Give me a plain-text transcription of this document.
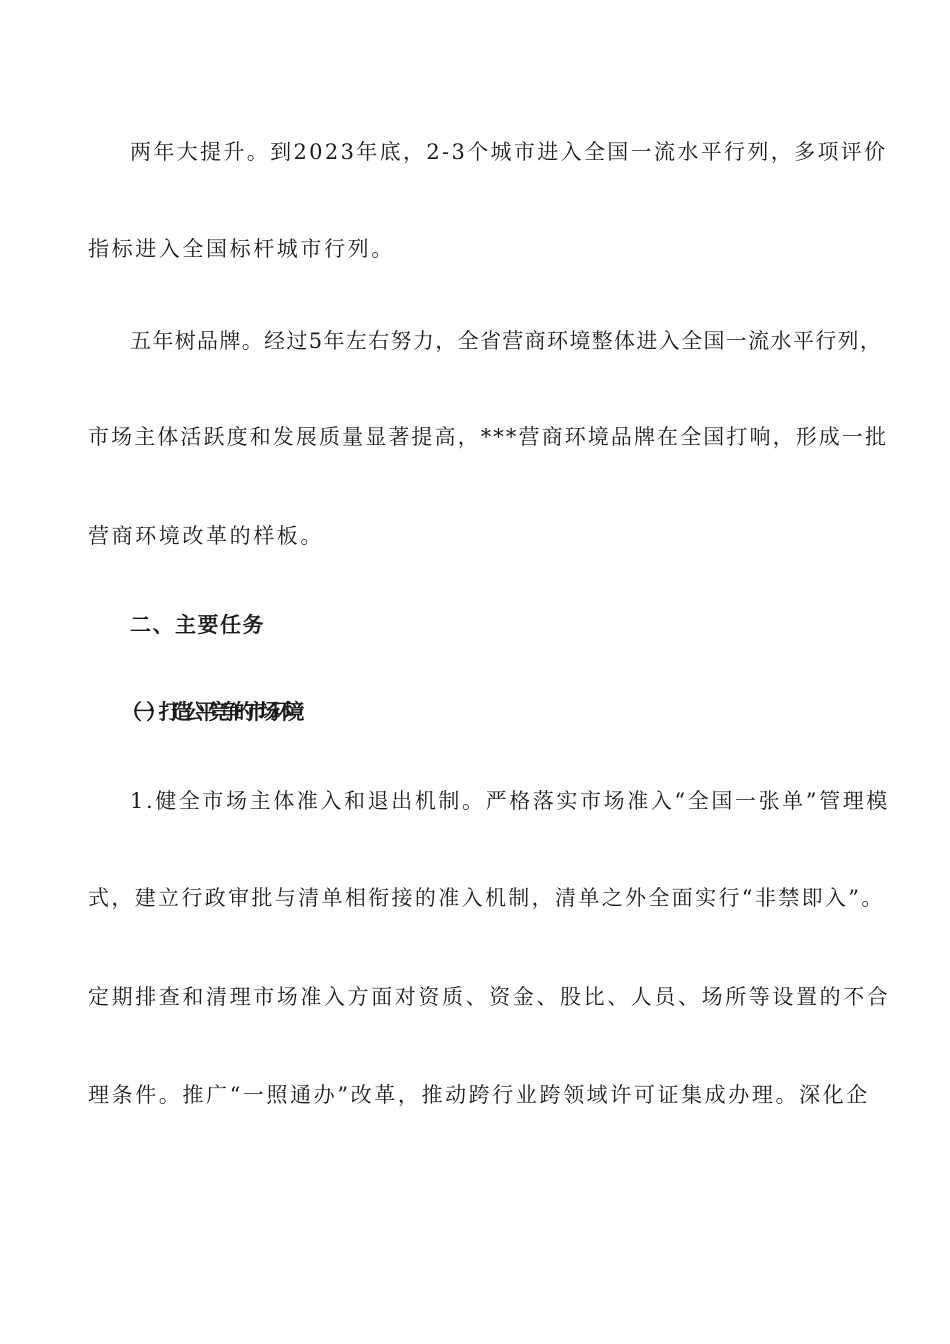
两年大提升。到2023年底，2-3个城市进入全国一流水平行列，多项评价
指标进入全国标杆城市行列。
五年树品牌。经过5年左右努力，全省营商环境整体进入全国一流水平行列，
市场主体活跃度和发展质量显著提高，***营商环境品牌在全国打响，形成一批
营商环境改革的样板。
二、主要任务
（一）打造公平竞争的市场环境
1.健全市场主体准入和退出机制。严格落实市场准入“全国一张单”管理模
式，建立行政审批与清单相衔接的准入机制，清单之外全面实行“非禁即入”。
定期排查和清理市场准入方面对资质、资金、股比、人员、场所等设置的不合
理条件。推广“一照通办”改革，推动跨行业跨领域许可证集成办理。深化企
